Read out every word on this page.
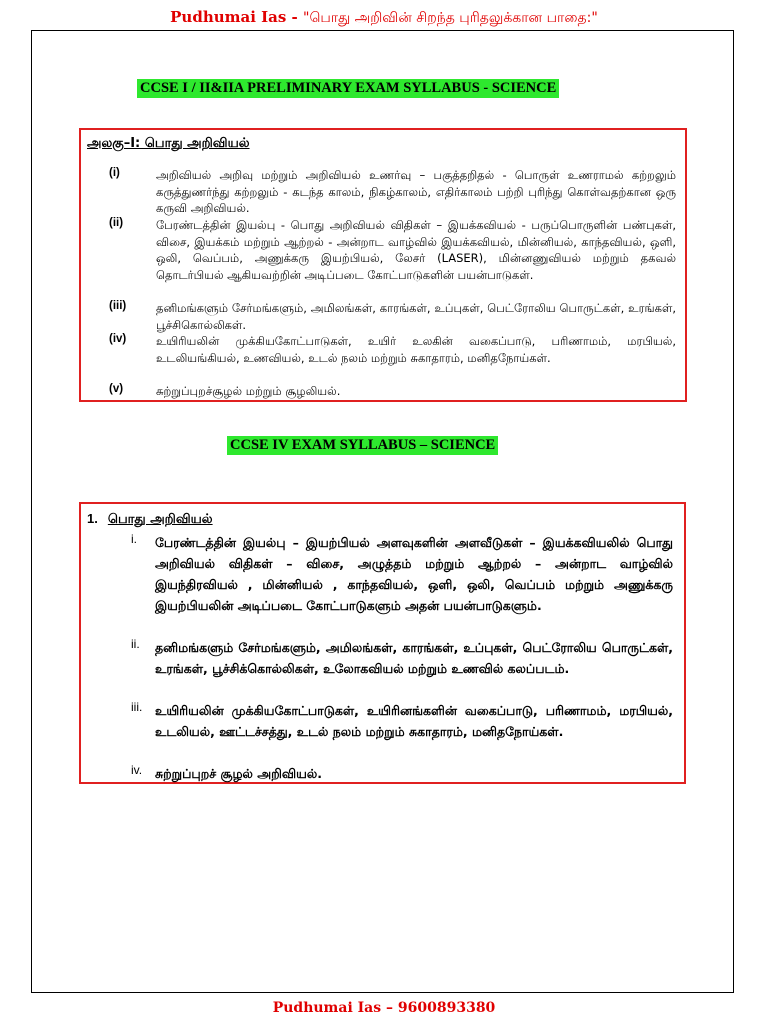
Pudhumai Ias - "பொது அறிவின் சிறந்த புரிதலுக்கான பாதை:"
CCSE I / II&IIA PRELIMINARY EXAM SYLLABUS - SCIENCE
அலகு–I: பொது அறிவியல்
(i)	அறிவியல் அறிவு மற்றும் அறிவியல் உணர்வு – பகுத்தறிதல் - பொருள் உணராமல் கற்றலும் கருத்துணர்ந்து கற்றலும் - கடந்த காலம், நிகழ்காலம், எதிர்காலம் பற்றி புரிந்து கொள்வதற்கான ஒரு கருவி அறிவியல்.
(ii)	பேரண்டத்தின் இயல்பு - பொது அறிவியல் விதிகள் – இயக்கவியல் - பருப்பொருளின் பண்புகள், விசை, இயக்கம் மற்றும் ஆற்றல் - அன்றாட வாழ்வில் இயக்கவியல், மின்னியல், காந்தவியல், ஒளி, ஒலி, வெப்பம், அணுக்கரு இயற்பியல், லேசர் (LASER), மின்னணுவியல் மற்றும் தகவல் தொடர்பியல் ஆகியவற்றின் அடிப்படை கோட்பாடுகளின் பயன்பாடுகள்.
(iii)	தனிமங்களும் சேர்மங்களும், அமிலங்கள், காரங்கள், உப்புகள், பெட்ரோலிய பொருட்கள், உரங்கள், பூச்சிகொல்லிகள்.
(iv)	உயிரியலின் முக்கியகோட்பாடுகள், உயிர் உலகின் வகைப்பாடு, பரிணாமம், மரபியல், உடலியங்கியல், உணவியல், உடல் நலம் மற்றும் சுகாதாரம், மனிதநோய்கள்.
(v)	சுற்றுப்புறச்சூழல் மற்றும் சூழலியல்.
CCSE IV EXAM SYLLABUS – SCIENCE
1. பொது அறிவியல்
i. பேரண்டத்தின் இயல்பு – இயற்பியல் அளவுகளின் அளவீடுகள் – இயக்கவியலில் பொது அறிவியல் விதிகள் – விசை, அழுத்தம் மற்றும் ஆற்றல் – அன்றாட வாழ்வில் இயந்திரவியல் , மின்னியல் , காந்தவியல், ஒளி, ஒலி, வெப்பம் மற்றும் அணுக்கரு இயற்பியலின் அடிப்படை கோட்பாடுகளும் அதன் பயன்பாடுகளும்.
ii. தனிமங்களும் சேர்மங்களும், அமிலங்கள், காரங்கள், உப்புகள், பெட்ரோலிய பொருட்கள், உரங்கள், பூச்சிக்கொல்லிகள், உலோகவியல் மற்றும் உணவில் கலப்படம்.
iii. உயிரியலின் முக்கியகோட்பாடுகள், உயிரினங்களின் வகைப்பாடு, பரிணாமம், மரபியல், உடலியல், ஊட்டச்சத்து, உடல் நலம் மற்றும் சுகாதாரம், மனிதநோய்கள்.
iv. சுற்றுப்புறச் சூழல் அறிவியல்.
Pudhumai Ias – 9600893380
